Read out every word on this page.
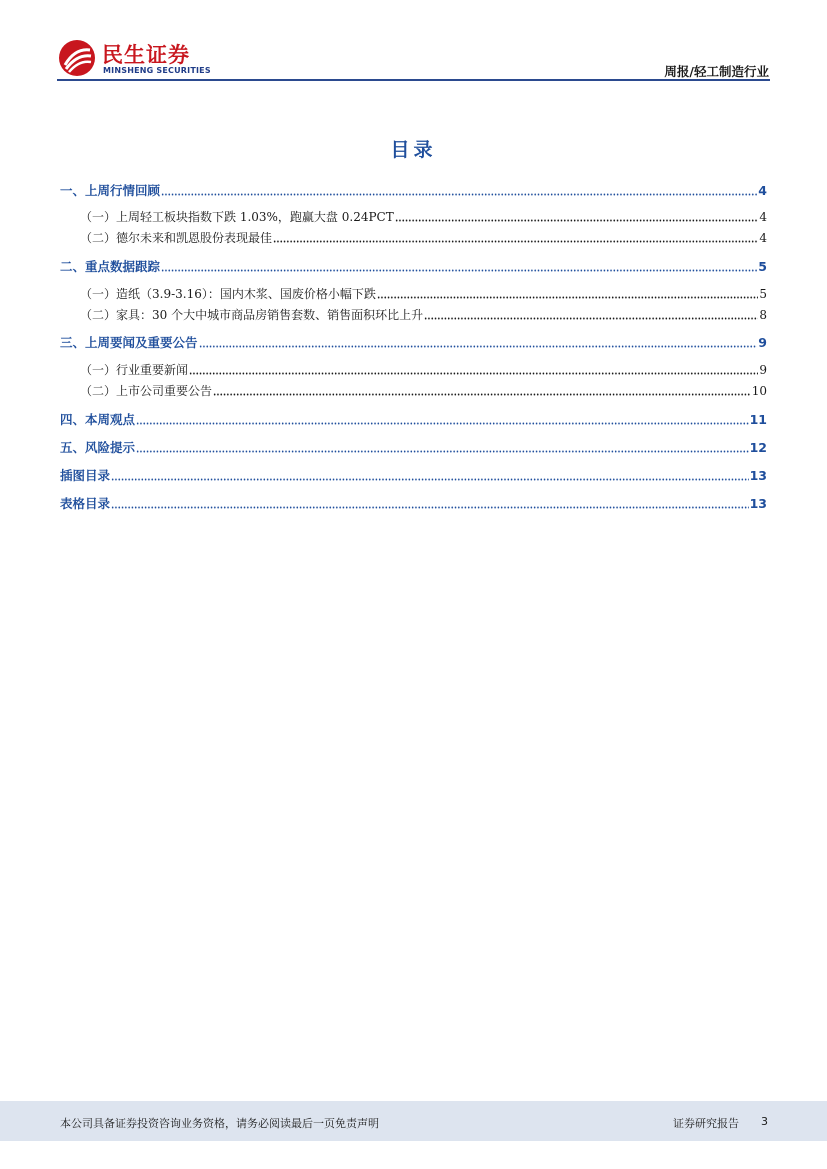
民生证券
MINSHENG SECURITIES	周报/轻工制造行业
目录
一、上周行情回顾	4
（一）上周轻工板块指数下跌 1.03%，跑赢大盘 0.24PCT	4
（二）德尔未来和凯恩股份表现最佳	4
二、重点数据跟踪	5
（一）造纸（3.9-3.16）：国内木浆、国废价格小幅下跌	5
（二）家具：30 个大中城市商品房销售套数、销售面积环比上升	8
三、上周要闻及重要公告	9
（一）行业重要新闻	9
（二）上市公司重要公告	10
四、本周观点	11
五、风险提示	12
插图目录	13
表格目录	13
本公司具备证券投资咨询业务资格，请务必阅读最后一页免责声明	证券研究报告 3
